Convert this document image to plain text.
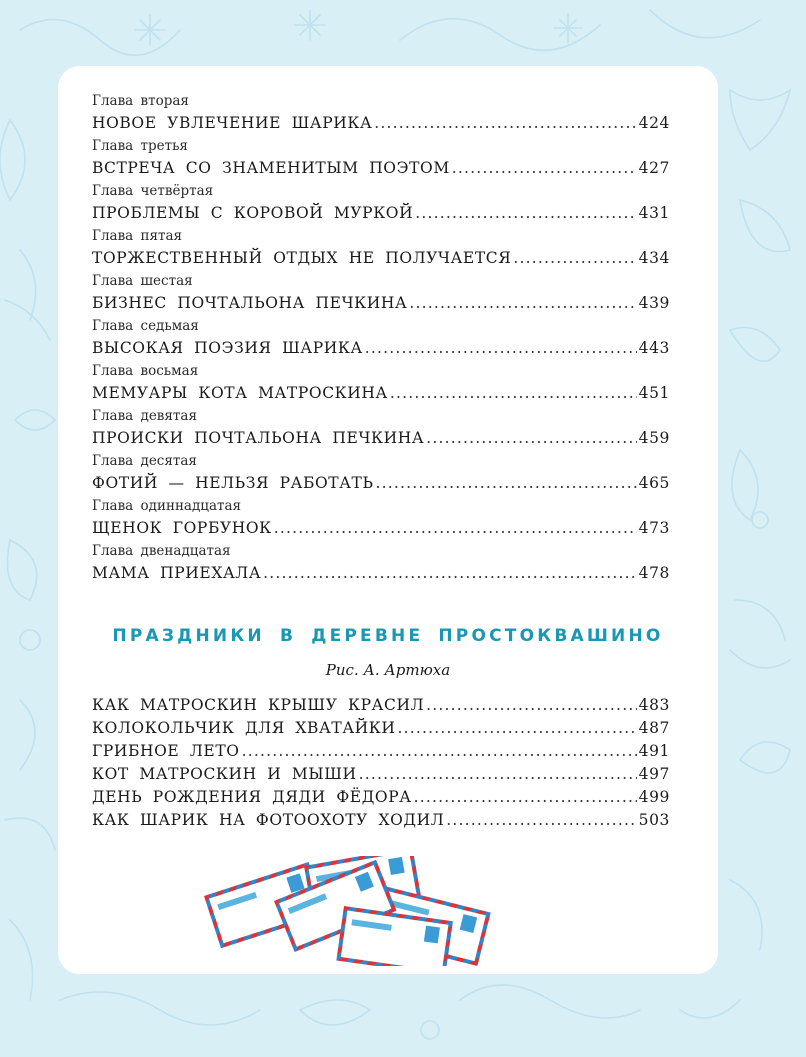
Глава вторая
НОВОЕ УВЛЕЧЕНИЕ ШАРИКА .....	424
Глава третья
ВСТРЕЧА СО ЗНАМЕНИТЫМ ПОЭТОМ .....	427
Глава четвёртая
ПРОБЛЕМЫ С КОРОВОЙ МУРКОЙ .....	431
Глава пятая
ТОРЖЕСТВЕННЫЙ ОТДЫХ НЕ ПОЛУЧАЕТСЯ .....	434
Глава шестая
БИЗНЕС ПОЧТАЛЬОНА ПЕЧКИНА .....	439
Глава седьмая
ВЫСОКАЯ ПОЭЗИЯ ШАРИКА .....	443
Глава восьмая
МЕМУАРЫ КОТА МАТРОСКИНА .....	451
Глава девятая
ПРОИСКИ ПОЧТАЛЬОНА ПЕЧКИНА .....	459
Глава десятая
ФОТИЙ — НЕЛЬЗЯ РАБОТАТЬ .....	465
Глава одиннадцатая
ЩЕНОК ГОРБУНОК .....	473
Глава двенадцатая
МАМА ПРИЕХАЛА .....	478
ПРАЗДНИКИ В ДЕРЕВНЕ ПРОСТОКВАШИНО
Рис. А. Артюха
КАК МАТРОСКИН КРЫШУ КРАСИЛ .....	483
КОЛОКОЛЬЧИК ДЛЯ ХВАТАЙКИ .....	487
ГРИБНОЕ ЛЕТО .....	491
КОТ МАТРОСКИН И МЫШИ .....	497
ДЕНЬ РОЖДЕНИЯ ДЯДИ ФЁДОРА .....	499
КАК ШАРИК НА ФОТООХОТУ ХОДИЛ .....	503
